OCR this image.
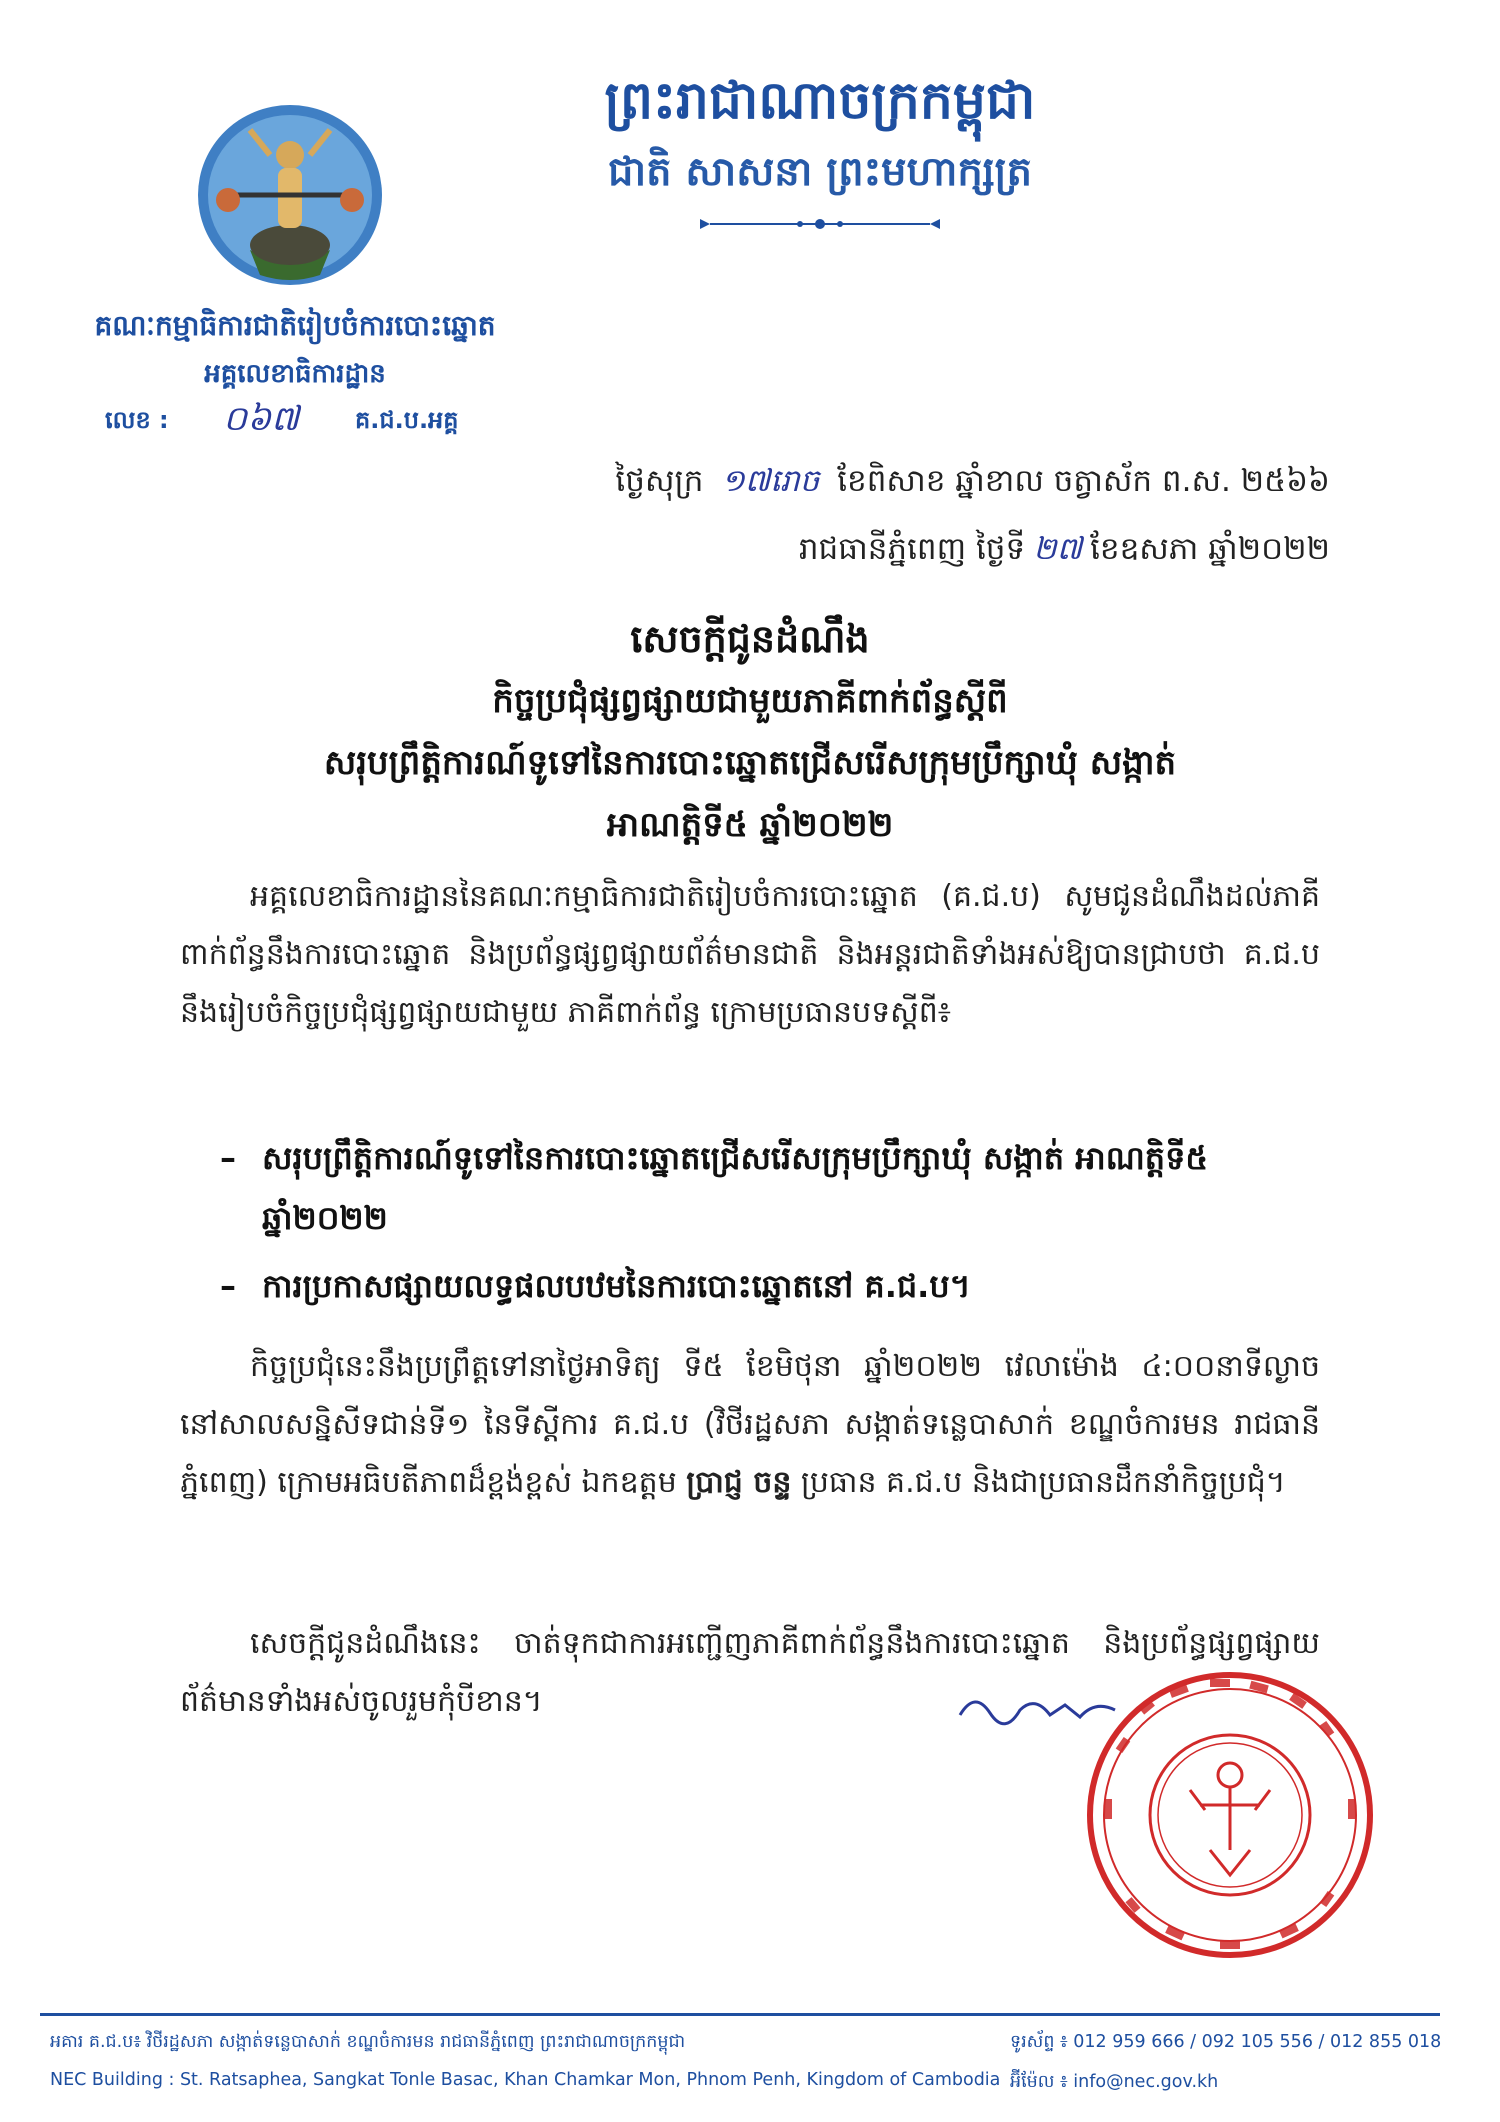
ព្រះរាជាណាចក្រកម្ពុជា
ជាតិ សាសនា ព្រះមហាក្សត្រ
គណៈកម្មាធិការជាតិរៀបចំការបោះឆ្នោត
អគ្គលេខាធិការដ្ឋាន
លេខ : ០៦៧ គ.ជ.ប.អគ្គ
ថ្ងៃសុក្រ ១៧រោច ខែពិសាខ ឆ្នាំខាល ចត្វាស័ក ព.ស. ២៥៦៦
រាជធានីភ្នំពេញ ថ្ងៃទី ២៧ ខែឧសភា ឆ្នាំ២០២២
សេចក្តីជូនដំណឹង
កិច្ចប្រជុំផ្សព្វផ្សាយជាមួយភាគីពាក់ព័ន្ធស្តីពី
សរុបព្រឹត្តិការណ៍ទូទៅនៃការបោះឆ្នោតជ្រើសរើសក្រុមប្រឹក្សាឃុំ សង្កាត់
អាណត្តិទី៥ ឆ្នាំ២០២២
អគ្គលេខាធិការដ្ឋាននៃគណៈកម្មាធិការជាតិរៀបចំការបោះឆ្នោត (គ.ជ.ប) សូមជូនដំណឹងដល់ភាគីពាក់ព័ន្ធនឹងការបោះឆ្នោត និងប្រព័ន្ធផ្សព្វផ្សាយព័ត៌មានជាតិ និងអន្តរជាតិទាំងអស់ឱ្យបានជ្រាបថា គ.ជ.ប នឹងរៀបចំកិច្ចប្រជុំផ្សព្វផ្សាយជាមួយ ភាគីពាក់ព័ន្ធ ក្រោមប្រធានបទស្តីពី៖
– សរុបព្រឹត្តិការណ៍ទូទៅនៃការបោះឆ្នោតជ្រើសរើសក្រុមប្រឹក្សាឃុំ សង្កាត់ អាណត្តិទី៥ ឆ្នាំ២០២២
– ការប្រកាសផ្សាយលទ្ធផលបឋមនៃការបោះឆ្នោតនៅ គ.ជ.ប។
កិច្ចប្រជុំនេះនឹងប្រព្រឹត្តទៅនាថ្ងៃអាទិត្យ ទី៥ ខែមិថុនា ឆ្នាំ២០២២ វេលាម៉ោង ៤:០០នាទីល្ងាច នៅសាលសន្និសីទជាន់ទី១ នៃទីស្តីការ គ.ជ.ប (វិថីរដ្ឋសភា សង្កាត់ទន្លេបាសាក់ ខណ្ឌចំការមន រាជធានីភ្នំពេញ) ក្រោមអធិបតីភាពដ៏ខ្ពង់ខ្ពស់ ឯកឧត្តម ប្រាជ្ញ ចន្ទ ប្រធាន គ.ជ.ប និងជាប្រធានដឹកនាំកិច្ចប្រជុំ។
សេចក្តីជូនដំណឹងនេះ ចាត់ទុកជាការអញ្ជើញភាគីពាក់ព័ន្ធនឹងការបោះឆ្នោត និងប្រព័ន្ធផ្សព្វផ្សាយព័ត៌មានទាំងអស់ចូលរួមកុំបីខាន។
អគារ គ.ជ.ប៖ វិថីរដ្ឋសភា សង្កាត់ទន្លេបាសាក់ ខណ្ឌចំការមន រាជធានីភ្នំពេញ ព្រះរាជាណាចក្រកម្ពុជា
NEC Building : St. Ratsaphea, Sangkat Tonle Basac, Khan Chamkar Mon, Phnom Penh, Kingdom of Cambodia
ទូរស័ព្ទ ៖ 012 959 666 / 092 105 556 / 012 855 018
អ៊ីម៉ែល ៖ info@nec.gov.kh
